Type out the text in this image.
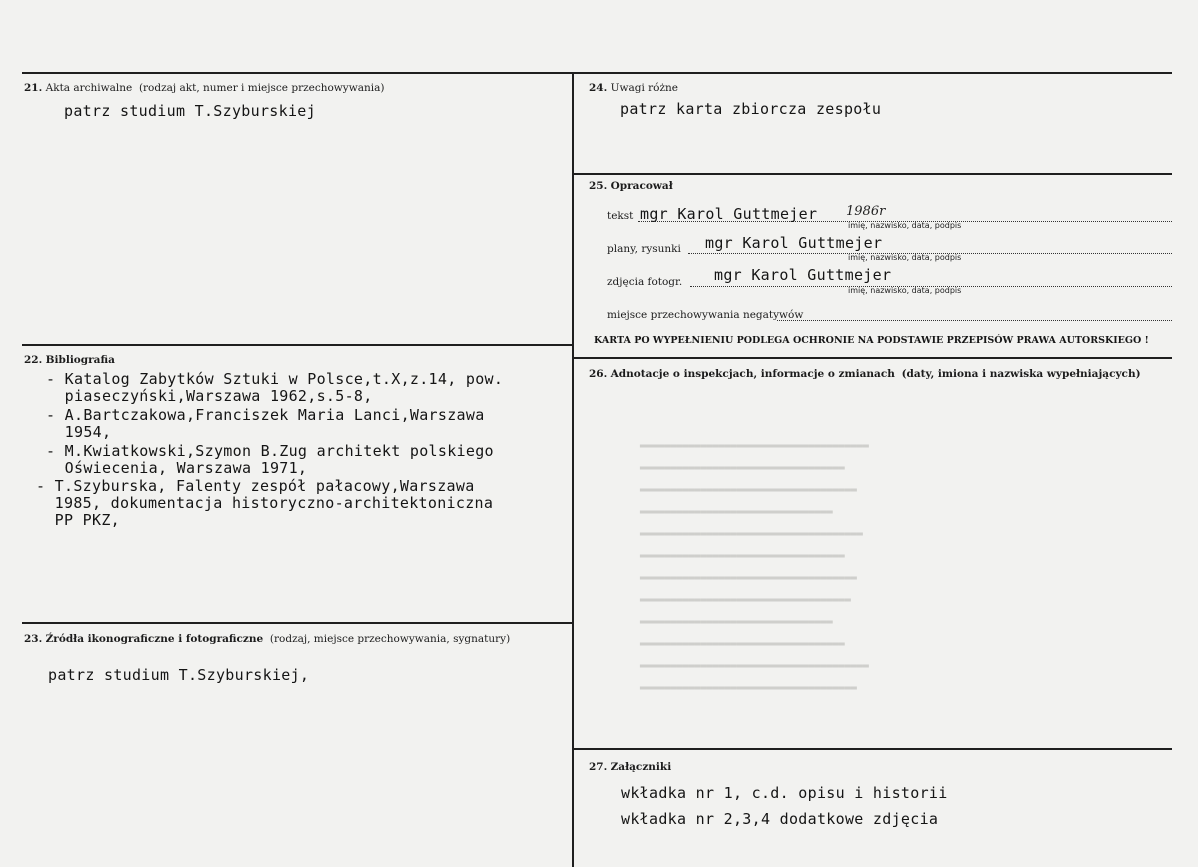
▂▂▂▂▂▂▂▂▂▂▂▂▂▂▂▂▂▂▂▂▂▂▂▂▂▂▂▂▂▂▂▂▂▂▂▂▂▂
▂▂▂▂▂▂▂▂▂▂▂▂▂▂▂▂▂▂▂▂▂▂▂▂▂▂▂▂▂▂▂▂▂▂
▂▂▂▂▂▂▂▂▂▂▂▂▂▂▂▂▂▂▂▂▂▂▂▂▂▂▂▂▂▂▂▂▂▂▂▂
▂▂▂▂▂▂▂▂▂▂▂▂▂▂▂▂▂▂▂▂▂▂▂▂▂▂▂▂▂▂▂▂
▂▂▂▂▂▂▂▂▂▂▂▂▂▂▂▂▂▂▂▂▂▂▂▂▂▂▂▂▂▂▂▂▂▂▂▂▂
▂▂▂▂▂▂▂▂▂▂▂▂▂▂▂▂▂▂▂▂▂▂▂▂▂▂▂▂▂▂▂▂▂▂
▂▂▂▂▂▂▂▂▂▂▂▂▂▂▂▂▂▂▂▂▂▂▂▂▂▂▂▂▂▂▂▂▂▂▂▂
▂▂▂▂▂▂▂▂▂▂▂▂▂▂▂▂▂▂▂▂▂▂▂▂▂▂▂▂▂▂▂▂▂▂▂
▂▂▂▂▂▂▂▂▂▂▂▂▂▂▂▂▂▂▂▂▂▂▂▂▂▂▂▂▂▂▂▂
▂▂▂▂▂▂▂▂▂▂▂▂▂▂▂▂▂▂▂▂▂▂▂▂▂▂▂▂▂▂▂▂▂▂
▂▂▂▂▂▂▂▂▂▂▂▂▂▂▂▂▂▂▂▂▂▂▂▂▂▂▂▂▂▂▂▂▂▂▂▂▂▂
▂▂▂▂▂▂▂▂▂▂▂▂▂▂▂▂▂▂▂▂▂▂▂▂▂▂▂▂▂▂▂▂▂▂▂▂
21. Akta archiwalne (rodzaj akt, numer i miejsce przechowywania)
patrz studium T.Szyburskiej
22. Bibliografia
- Katalog Zabytków Sztuki w Polsce,t.X,z.14, pow.
piaseczyński,Warszawa 1962,s.5-8,
- A.Bartczakowa,Franciszek Maria Lanci,Warszawa
1954,
- M.Kwiatkowski,Szymon B.Zug architekt polskiego
Oświecenia, Warszawa 1971,
- T.Szyburska, Falenty zespół pałacowy,Warszawa
1985, dokumentacja historyczno-architektoniczna
PP PKZ,
23. Źródła ikonograficzne i fotograficzne (rodzaj, miejsce przechowywania, sygnatury)
patrz studium T.Szyburskiej,
24. Uwagi różne
patrz karta zbiorcza zespołu
25. Opracował
tekst mgr Karol Guttmejer 1986r
imię, nazwisko, data, podpis
plany, rysunki mgr Karol Guttmejer
imię, nazwisko, data, podpis
zdjęcia fotogr. mgr Karol Guttmejer
imię, nazwisko, data, podpis
miejsce przechowywania negatywów
KARTA PO WYPEŁNIENIU PODLEGA OCHRONIE NA PODSTAWIE PRZEPISÓW PRAWA AUTORSKIEGO !
26. Adnotacje o inspekcjach, informacje o zmianach (daty, imiona i nazwiska wypełniających)
27. Załączniki
wkładka nr 1, c.d. opisu i historii
wkładka nr 2,3,4 dodatkowe zdjęcia
